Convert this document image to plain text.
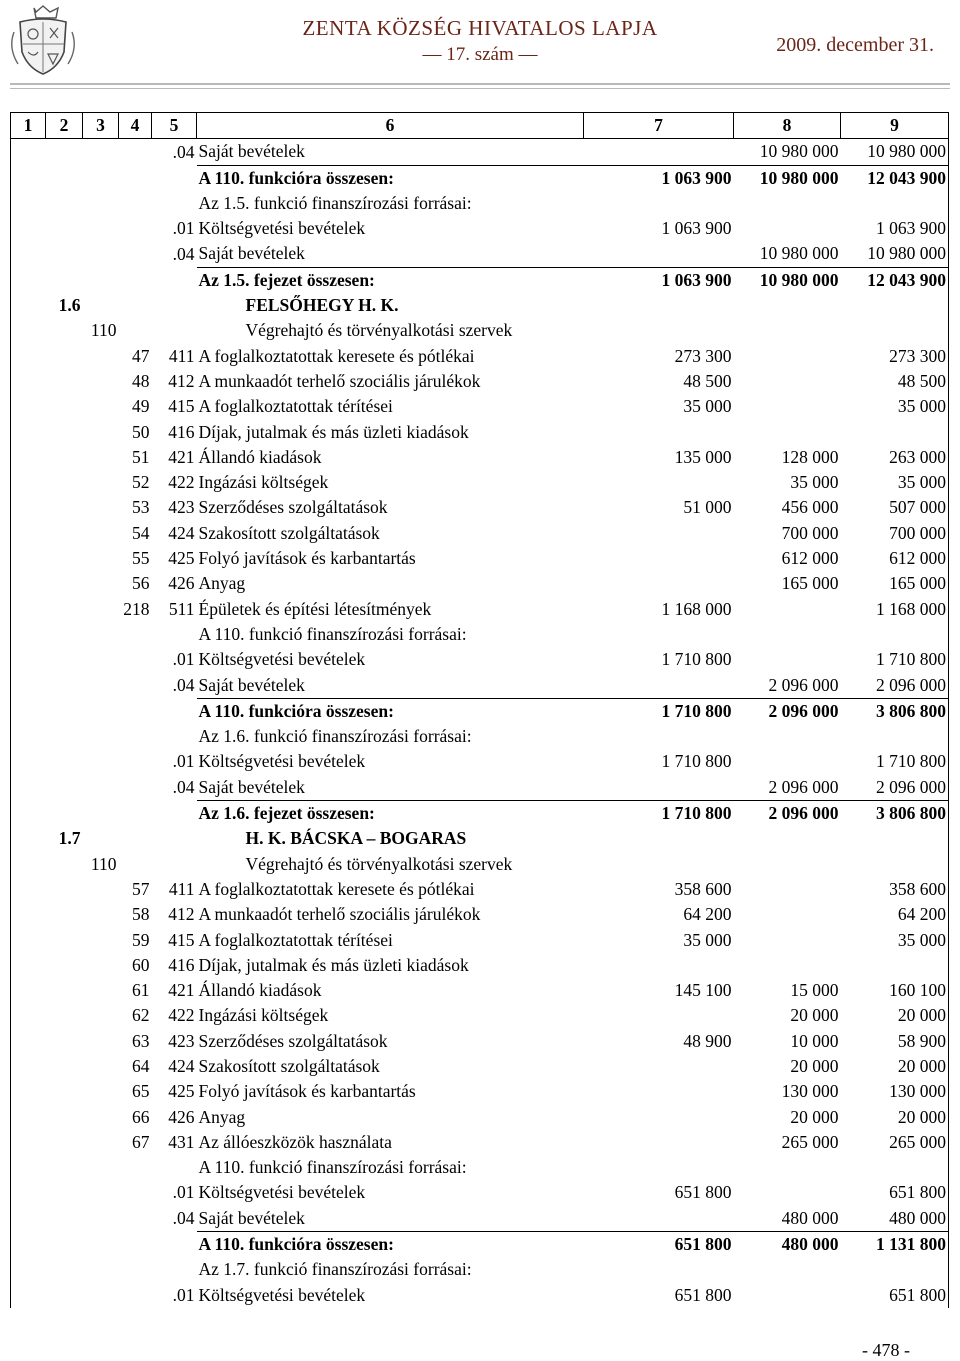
ZENTA KÖZSÉG HIVATALOS LAPJA
— 17. szám —	2009. december 31.
1	2	3	4	5	6		7	8	9
				.04	Saját bevételek			10 980 000	10 980 000
					A 110. funkcióra összesen:		1 063 900	10 980 000	12 043 900
					Az 1.5. funkció finanszírozási forrásai:				
				.01	Költségvetési bevételek		1 063 900		1 063 900
				.04	Saját bevételek			10 980 000	10 980 000
					Az 1.5. fejezet összesen:		1 063 900	10 980 000	12 043 900
1.6						FELSŐHEGY H. K.			
	110					Végrehajtó és törvényalkotási szervek			
			47	411	A foglalkoztatottak keresete és pótlékai		273 300		273 300
			48	412	A munkaadót terhelő szociális járulékok		48 500		48 500
			49	415	A foglalkoztatottak térítései		35 000		35 000
			50	416	Díjak, jutalmak és más üzleti kiadások				
			51	421	Állandó kiadások		135 000	128 000	263 000
			52	422	Ingázási költségek			35 000	35 000
			53	423	Szerződéses szolgáltatások		51 000	456 000	507 000
			54	424	Szakosított szolgáltatások			700 000	700 000
			55	425	Folyó javítások és karbantartás			612 000	612 000
			56	426	Anyag			165 000	165 000
			218	511	Épületek és építési létesítmények		1 168 000		1 168 000
					A 110. funkció finanszírozási forrásai:				
				.01	Költségvetési bevételek		1 710 800		1 710 800
				.04	Saját bevételek			2 096 000	2 096 000
					A 110. funkcióra összesen:		1 710 800	2 096 000	3 806 800
					Az 1.6. funkció finanszírozási forrásai:				
				.01	Költségvetési bevételek		1 710 800		1 710 800
				.04	Saját bevételek			2 096 000	2 096 000
					Az 1.6. fejezet összesen:		1 710 800	2 096 000	3 806 800
1.7						H. K. BÁCSKA – BOGARAS			
	110					Végrehajtó és törvényalkotási szervek			
			57	411	A foglalkoztatottak keresete és pótlékai		358 600		358 600
			58	412	A munkaadót terhelő szociális járulékok		64 200		64 200
			59	415	A foglalkoztatottak térítései		35 000		35 000
			60	416	Díjak, jutalmak és más üzleti kiadások				
			61	421	Állandó kiadások		145 100	15 000	160 100
			62	422	Ingázási költségek			20 000	20 000
			63	423	Szerződéses szolgáltatások		48 900	10 000	58 900
			64	424	Szakosított szolgáltatások			20 000	20 000
			65	425	Folyó javítások és karbantartás			130 000	130 000
			66	426	Anyag			20 000	20 000
			67	431	Az állóeszközök használata			265 000	265 000
					A 110. funkció finanszírozási forrásai:				
				.01	Költségvetési bevételek		651 800		651 800
				.04	Saját bevételek			480 000	480 000
					A 110. funkcióra összesen:		651 800	480 000	1 131 800
					Az 1.7. funkció finanszírozási forrásai:				
				.01	Költségvetési bevételek		651 800		651 800
- 478 -
